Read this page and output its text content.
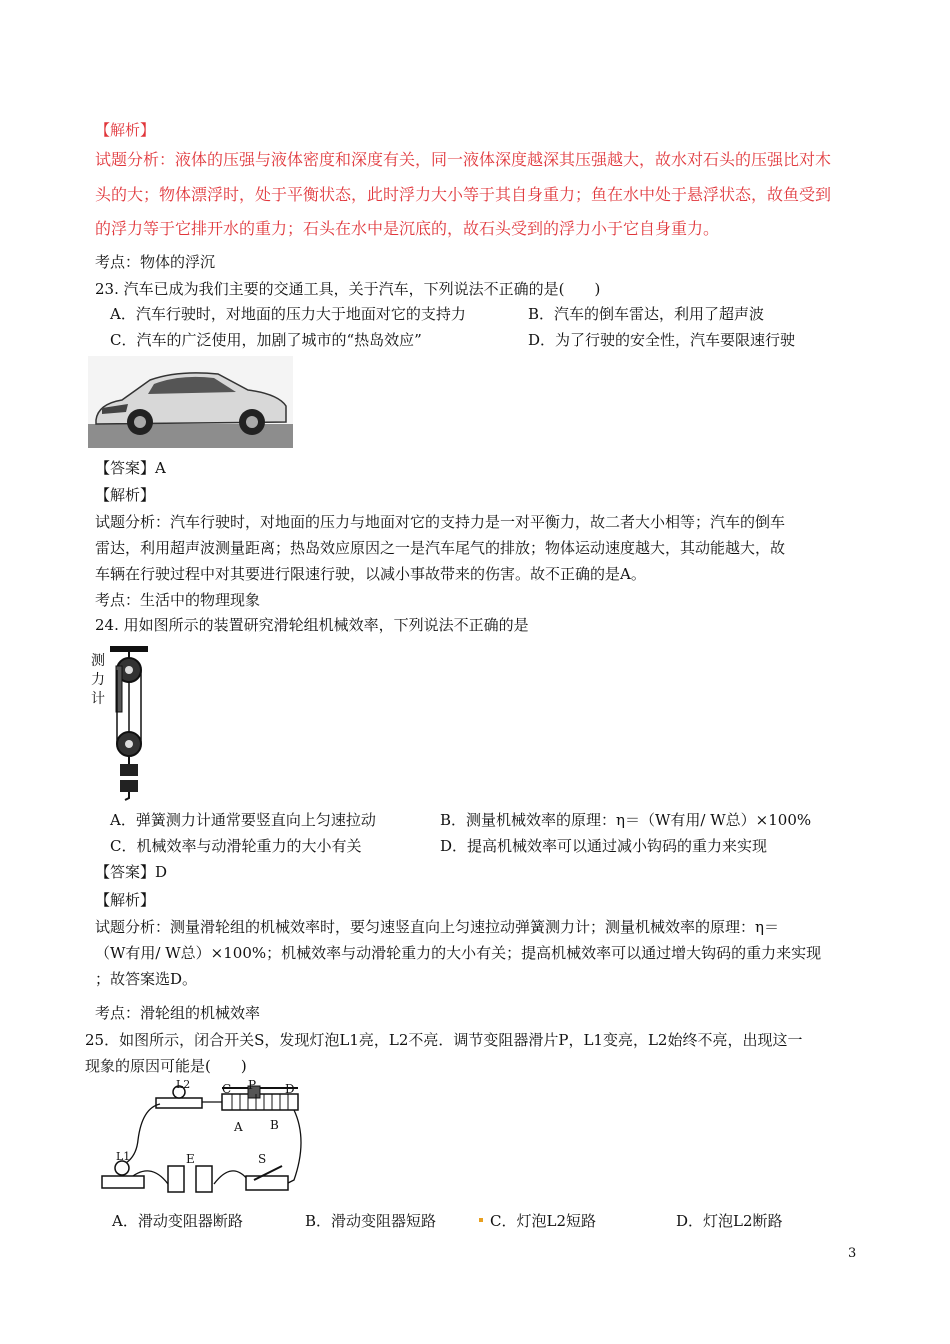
【解析】
试题分析：液体的压强与液体密度和深度有关，同一液体深度越深其压强越大，故水对石头的压强比对木
头的大；物体漂浮时，处于平衡状态，此时浮力大小等于其自身重力；鱼在水中处于悬浮状态，故鱼受到
的浮力等于它排开水的重力；石头在水中是沉底的，故石头受到的浮力小于它自身重力。
考点：物体的浮沉
23. 汽车已成为我们主要的交通工具，关于汽车，下列说法不正确的是(　　)
A．汽车行驶时，对地面的压力大于地面对它的支持力	B．汽车的倒车雷达，利用了超声波
C．汽车的广泛使用，加剧了城市的“热岛效应”	D．为了行驶的安全性，汽车要限速行驶
【答案】A
【解析】
试题分析：汽车行驶时，对地面的压力与地面对它的支持力是一对平衡力，故二者大小相等；汽车的倒车
雷达，利用超声波测量距离；热岛效应原因之一是汽车尾气的排放；物体运动速度越大，其动能越大，故
车辆在行驶过程中对其要进行限速行驶，以减小事故带来的伤害。故不正确的是A。
考点：生活中的物理现象
24. 用如图所示的装置研究滑轮组机械效率，下列说法不正确的是
测
力
计
A．弹簧测力计通常要竖直向上匀速拉动	B．测量机械效率的原理：η＝（W有用/ W总）×100%
C．机械效率与动滑轮重力的大小有关	D．提高机械效率可以通过减小钩码的重力来实现
【答案】D
【解析】
试题分析：测量滑轮组的机械效率时，要匀速竖直向上匀速拉动弹簧测力计；测量机械效率的原理：η＝
（W有用/ W总）×100%；机械效率与动滑轮重力的大小有关；提高机械效率可以通过增大钩码的重力来实现
；故答案选D。
考点：滑轮组的机械效率
25．如图所示，闭合开关S，发现灯泡L1亮，L2不亮．调节变阻器滑片P，L1变亮，L2始终不亮，出现这一
现象的原因可能是(　　)
L2	C P D
A B
L1	E	S
A．滑动变阻器断路	B．滑动变阻器短路	C．灯泡L2短路	D．灯泡L2断路
3
